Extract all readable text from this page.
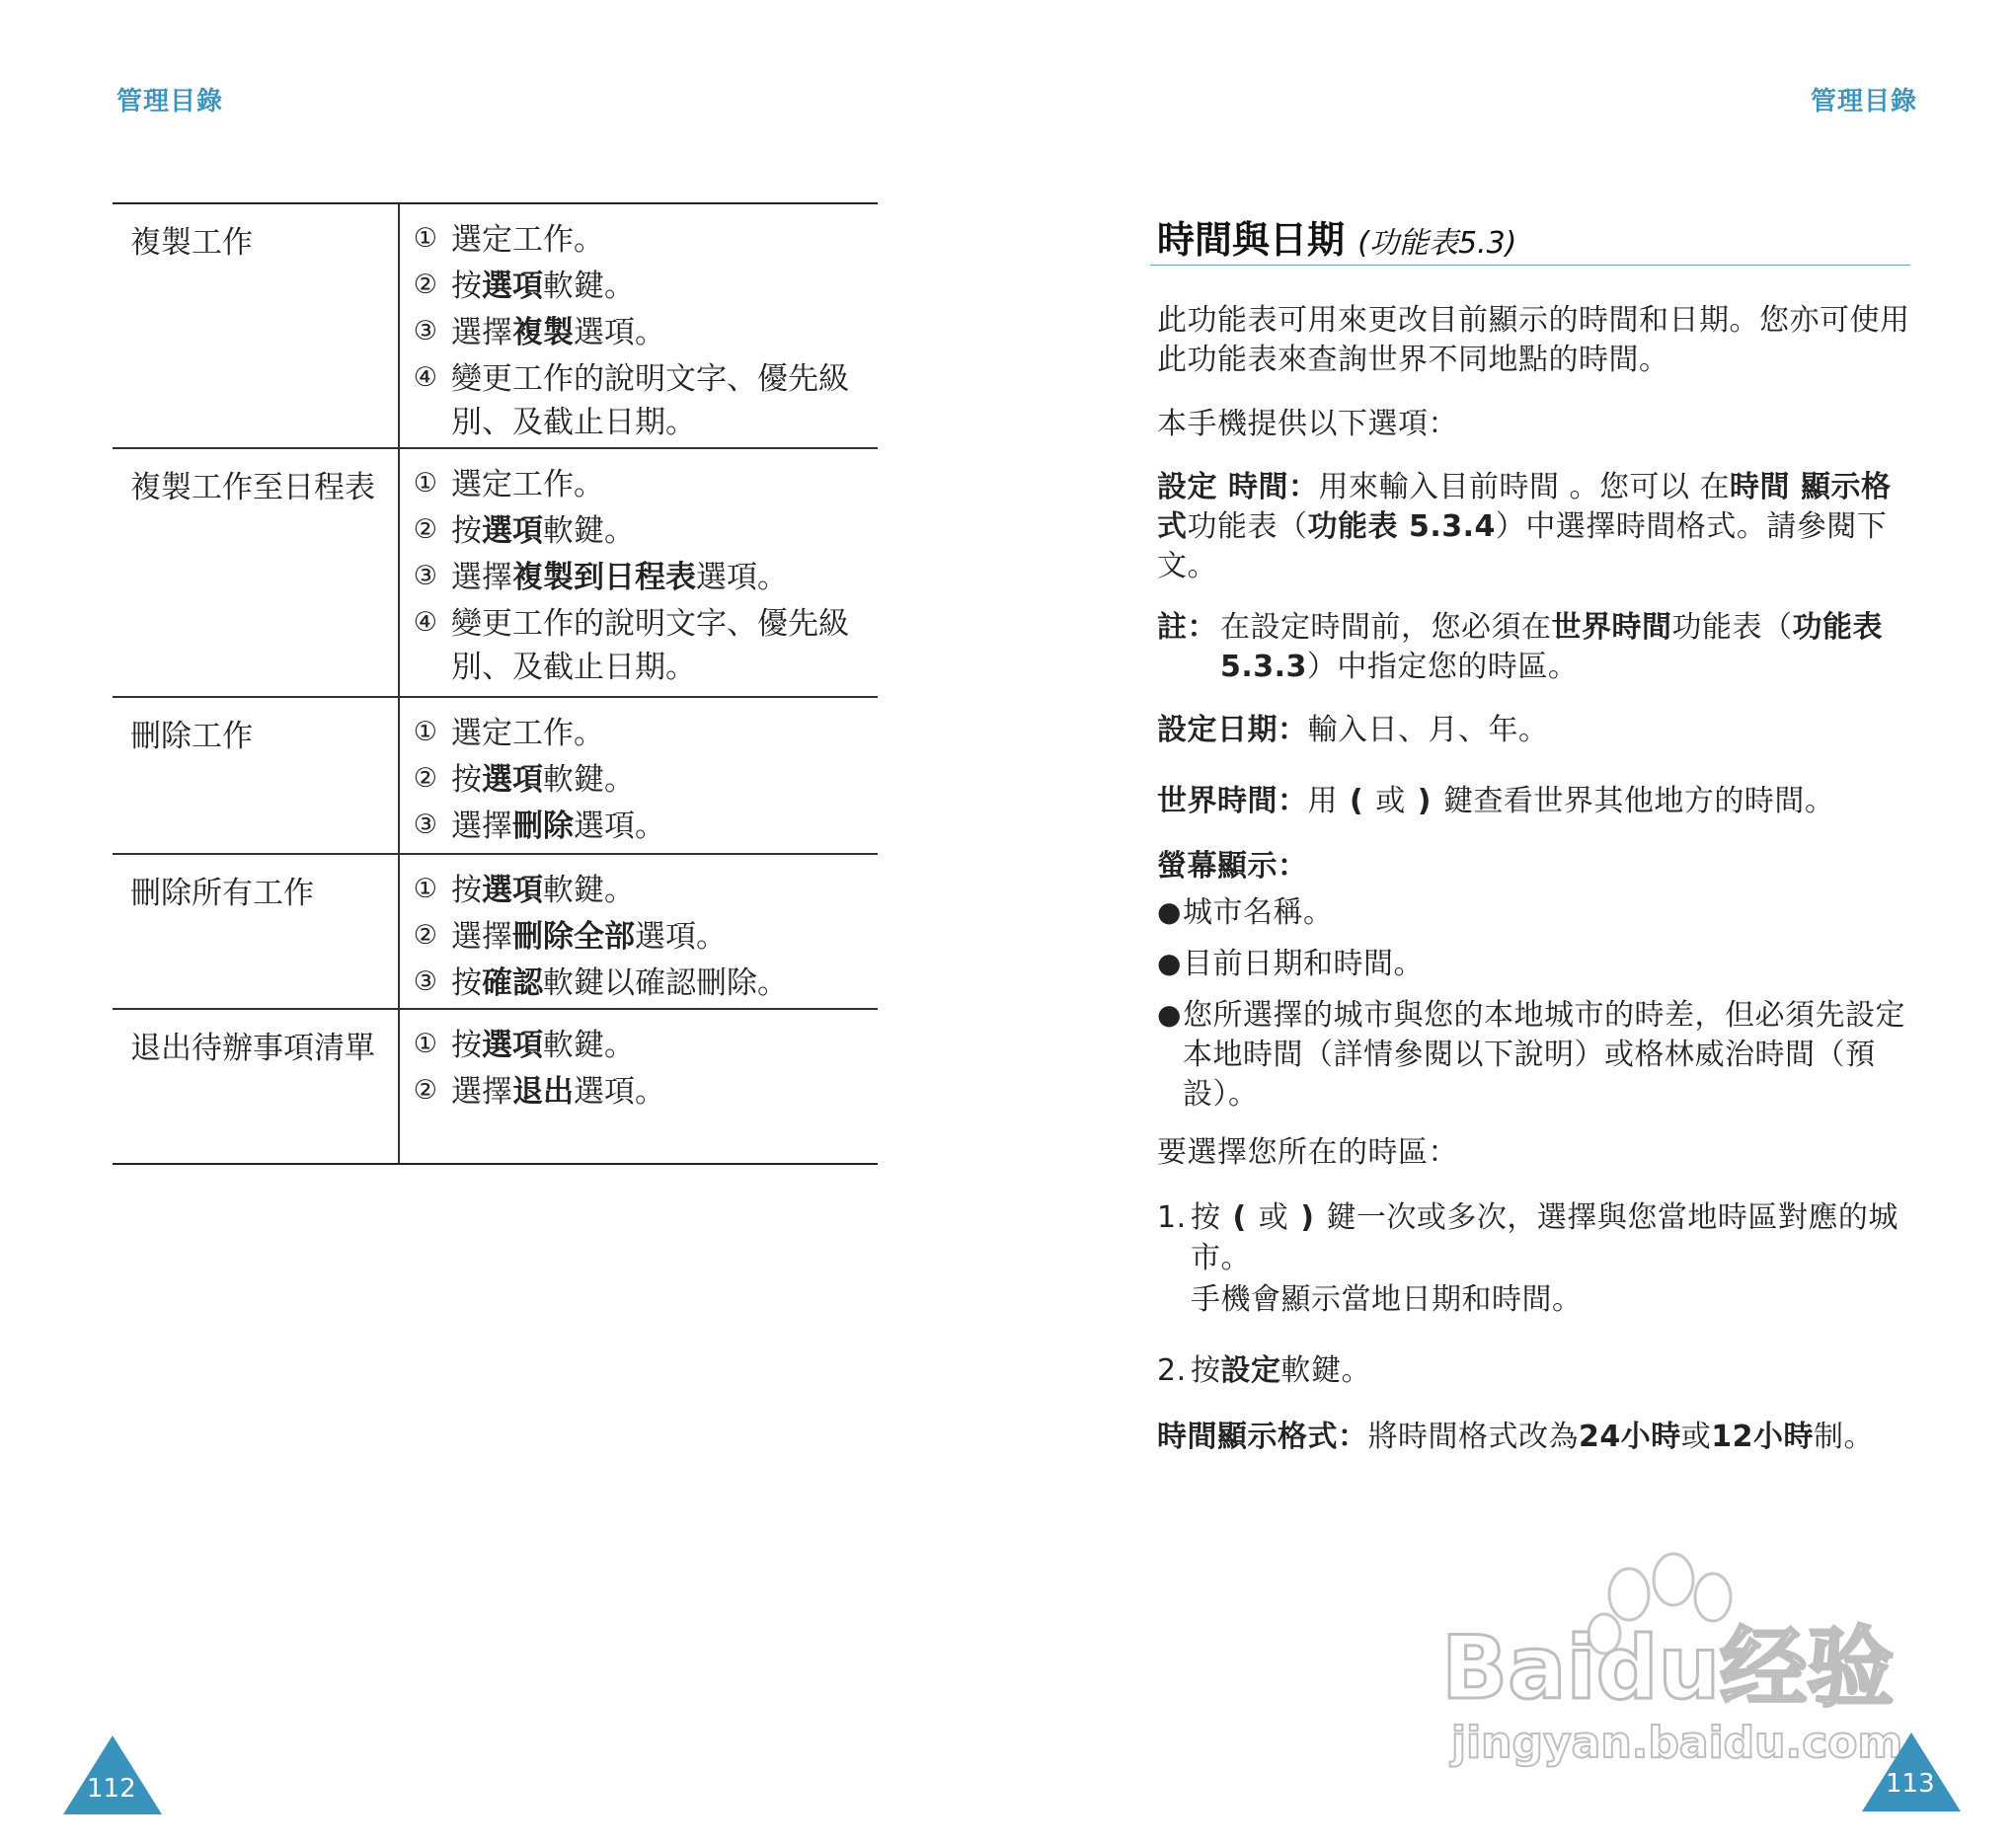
管理目錄	管理目錄
複製工作	① 選定工作。
② 按選項軟鍵。
③ 選擇複製選項。
④ 變更工作的說明文字、優先級別、及截止日期。
複製工作至日程表	① 選定工作。
② 按選項軟鍵。
③ 選擇複製到日程表選項。
④ 變更工作的說明文字、優先級別、及截止日期。
刪除工作	① 選定工作。
② 按選項軟鍵。
③ 選擇刪除選項。
刪除所有工作	① 按選項軟鍵。
② 選擇刪除全部選項。
③ 按確認軟鍵以確認刪除。
退出待辦事項清單	① 按選項軟鍵。
② 選擇退出選項。
時間與日期 (功能表5.3)
此功能表可用來更改目前顯示的時間和日期。您亦可使用此功能表來查詢世界不同地點的時間。
本手機提供以下選項：
設定 時間：用來輸入目前時間 。您可以 在時間 顯示格式功能表（功能表 5.3.4）中選擇時間格式。請參閱下文。
註： 在設定時間前，您必須在世界時間功能表（功能表5.3.3）中指定您的時區。
設定日期：輸入日、月、年。
世界時間：用 ( 或 ) 鍵查看世界其他地方的時間。
螢幕顯示：
● 城市名稱。
● 目前日期和時間。
● 您所選擇的城市與您的本地城市的時差，但必須先設定本地時間（詳情參閱以下說明）或格林威治時間（預設）。
要選擇您所在的時區：
1. 按 ( 或 ) 鍵一次或多次，選擇與您當地時區對應的城市。
手機會顯示當地日期和時間。
2. 按設定軟鍵。
時間顯示格式：將時間格式改為24小時或12小時制。
Baidu经验
jingyan.baidu.com
112	113
